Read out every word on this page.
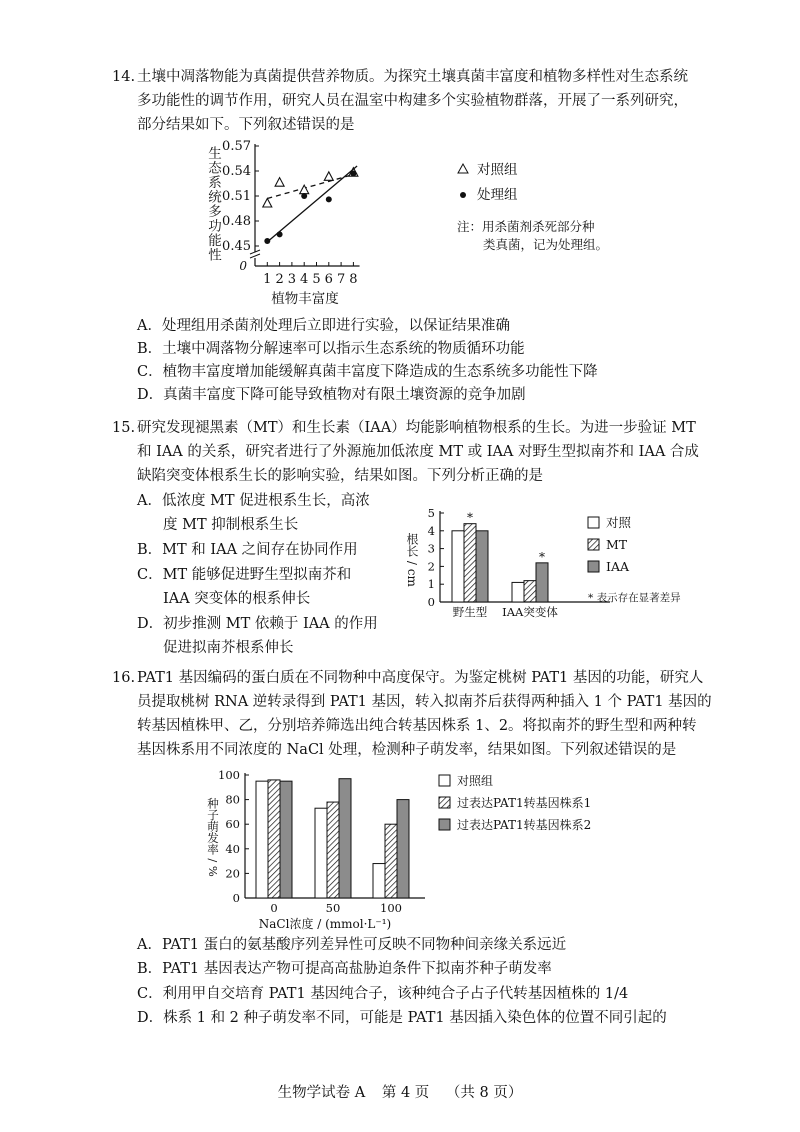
14. 土壤中凋落物能为真菌提供营养物质。为探究土壤真菌丰富度和植物多样性对生态系统
多功能性的调节作用，研究人员在温室中构建多个实验植物群落，开展了一系列研究，
部分结果如下。下列叙述错误的是
0
0.45
0.48
0.51
0.54
0.57
1 2 3 4 5 6 7 8
植物丰富度
生态系统多功能性	对照组
处理组
注：用杀菌剂杀死部分种
类真菌，记为处理组。
A．处理组用杀菌剂处理后立即进行实验，以保证结果准确
B．土壤中凋落物分解速率可以指示生态系统的物质循环功能
C．植物丰富度增加能缓解真菌丰富度下降造成的生态系统多功能性下降
D．真菌丰富度下降可能导致植物对有限土壤资源的竞争加剧
15. 研究发现褪黑素（MT）和生长素（IAA）均能影响植物根系的生长。为进一步验证 MT
和 IAA 的关系，研究者进行了外源施加低浓度 MT 或 IAA 对野生型拟南芥和 IAA 合成
缺陷突变体根系生长的影响实验，结果如图。下列分析正确的是
A．低浓度 MT 促进根系生长，高浓
度 MT 抑制根系生长
B．MT 和 IAA 之间存在协同作用
C．MT 能够促进野生型拟南芥和
IAA 突变体的根系伸长
D．初步推测 MT 依赖于 IAA 的作用
促进拟南芥根系伸长
0
1
2
3
4
5
根长 / cm
野生型 IAA突变体
*
*
对照
MT
IAA
* 表示存在显著差异
16. PAT1 基因编码的蛋白质在不同物种中高度保守。为鉴定桃树 PAT1 基因的功能，研究人
员提取桃树 RNA 逆转录得到 PAT1 基因，转入拟南芥后获得两种插入 1 个 PAT1 基因的
转基因植株甲、乙，分别培养筛选出纯合转基因株系 1、2。将拟南芥的野生型和两种转
基因株系用不同浓度的 NaCl 处理，检测种子萌发率，结果如图。下列叙述错误的是
0
20
40
60
80
100
种子萌发率 / %
0	50	100
NaCl浓度 / (mmol·L⁻¹)
对照组
过表达PAT1转基因株系1
过表达PAT1转基因株系2
A．PAT1 蛋白的氨基酸序列差异性可反映不同物种间亲缘关系远近
B．PAT1 基因表达产物可提高高盐胁迫条件下拟南芥种子萌发率
C．利用甲自交培育 PAT1 基因纯合子，该种纯合子占子代转基因植株的 1/4
D．株系 1 和 2 种子萌发率不同，可能是 PAT1 基因插入染色体的位置不同引起的
生物学试卷 A 第 4 页 （共 8 页）
